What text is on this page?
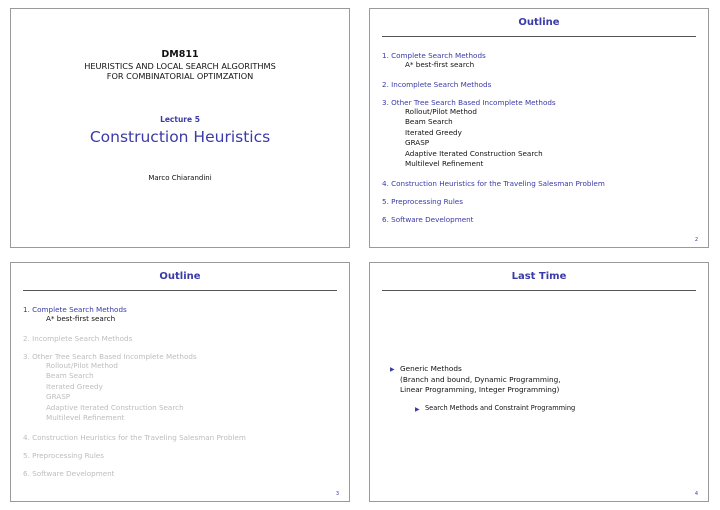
DM811
HEURISTICS AND LOCAL SEARCH ALGORITHMS
FOR COMBINATORIAL OPTIMZATION
Lecture 5
Construction Heuristics
Marco Chiarandini
Outline
1. Complete Search Methods
A* best-first search
2. Incomplete Search Methods
3. Other Tree Search Based Incomplete Methods
Rollout/Pilot Method
Beam Search
Iterated Greedy
GRASP
Adaptive Iterated Construction Search
Multilevel Refinement
4. Construction Heuristics for the Traveling Salesman Problem
5. Preprocessing Rules
6. Software Development
2
Outline
1. Complete Search Methods
A* best-first search
2. Incomplete Search Methods
3. Other Tree Search Based Incomplete Methods
Rollout/Pilot Method
Beam Search
Iterated Greedy
GRASP
Adaptive Iterated Construction Search
Multilevel Refinement
4. Construction Heuristics for the Traveling Salesman Problem
5. Preprocessing Rules
6. Software Development
3
Last Time
▶ Generic Methods
(Branch and bound, Dynamic Programming,
Linear Programming, Integer Programming)
▶ Search Methods and Constraint Programming
4
